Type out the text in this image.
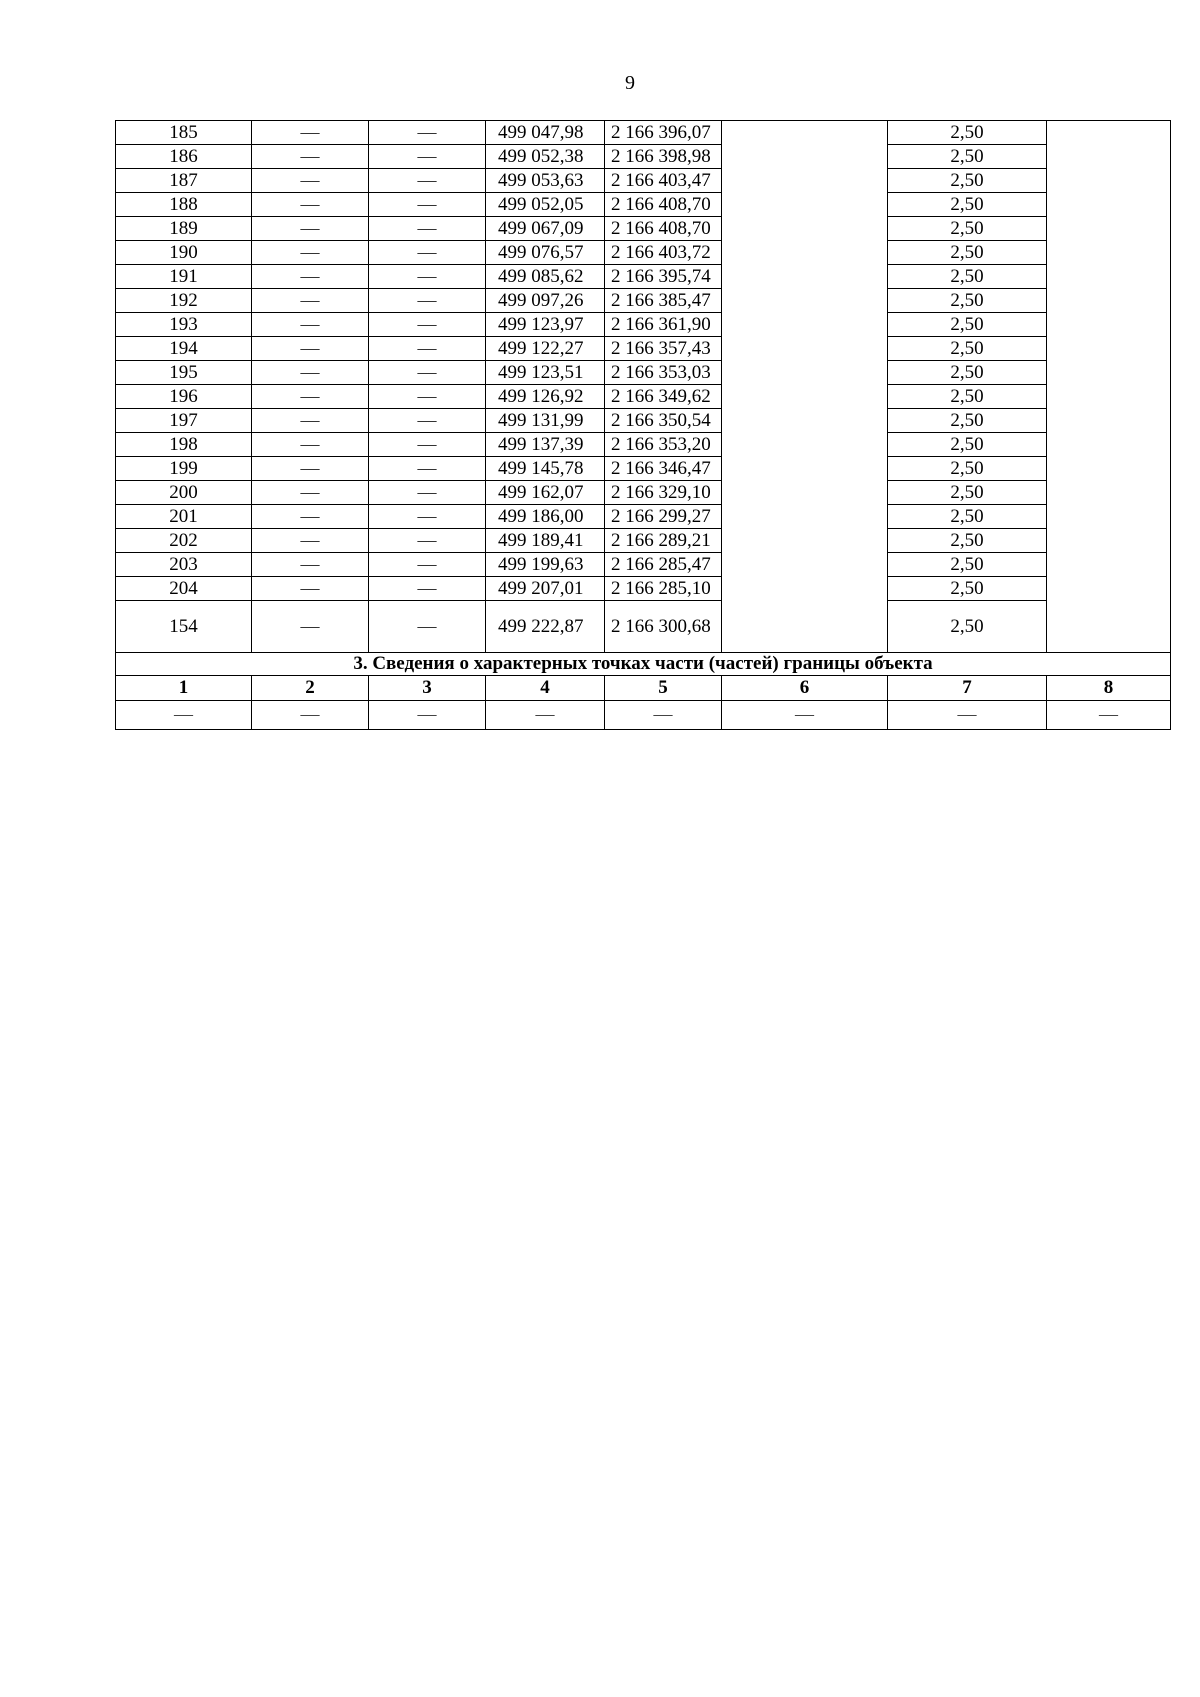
9
185	—	—	499 047,98	2 166 396,07		2,50	
186	—	—	499 052,38	2 166 398,98		2,50	
187	—	—	499 053,63	2 166 403,47		2,50	
188	—	—	499 052,05	2 166 408,70		2,50	
189	—	—	499 067,09	2 166 408,70		2,50	
190	—	—	499 076,57	2 166 403,72		2,50	
191	—	—	499 085,62	2 166 395,74		2,50	
192	—	—	499 097,26	2 166 385,47		2,50	
193	—	—	499 123,97	2 166 361,90		2,50	
194	—	—	499 122,27	2 166 357,43		2,50	
195	—	—	499 123,51	2 166 353,03		2,50	
196	—	—	499 126,92	2 166 349,62		2,50	
197	—	—	499 131,99	2 166 350,54		2,50	
198	—	—	499 137,39	2 166 353,20		2,50	
199	—	—	499 145,78	2 166 346,47		2,50	
200	—	—	499 162,07	2 166 329,10		2,50	
201	—	—	499 186,00	2 166 299,27		2,50	
202	—	—	499 189,41	2 166 289,21		2,50	
203	—	—	499 199,63	2 166 285,47		2,50	
204	—	—	499 207,01	2 166 285,10		2,50	
154	—	—	499 222,87	2 166 300,68		2,50	
3. Сведения о характерных точках части (частей) границы объекта							
1	2	3	4	5	6	7	8
—	—	—	—	—	—	—	—
